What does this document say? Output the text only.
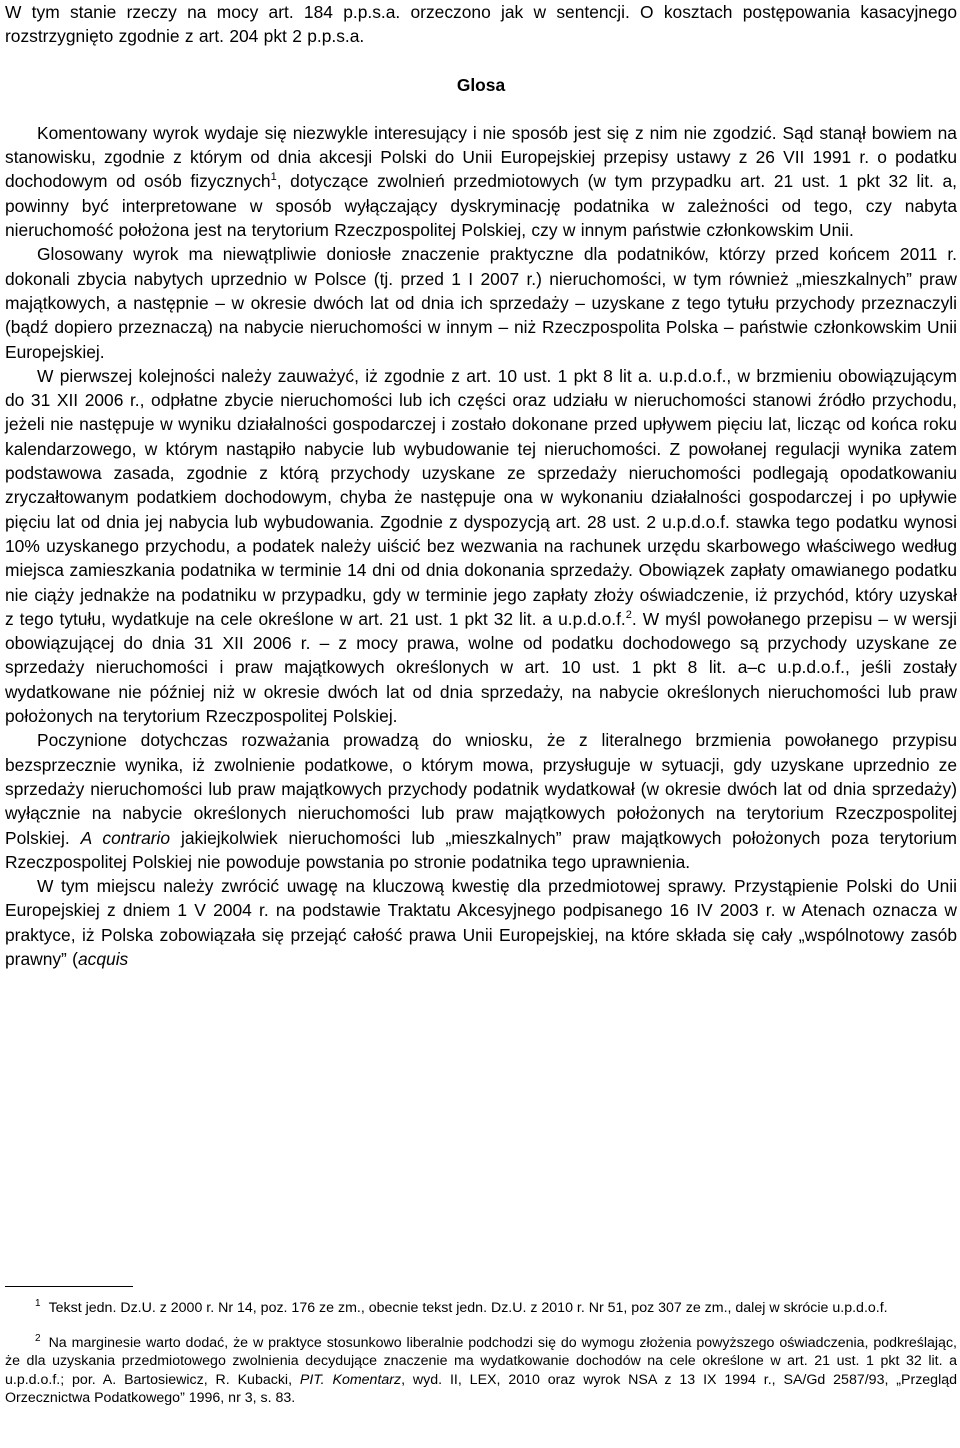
W tym stanie rzeczy na mocy art. 184 p.p.s.a. orzeczono jak w sentencji. O kosztach postępowania kasacyjnego rozstrzygnięto zgodnie z art. 204 pkt 2 p.p.s.a.

Glosa

Komentowany wyrok wydaje się niezwykle interesujący i nie sposób jest się z nim nie zgodzić. Sąd stanął bowiem na stanowisku, zgodnie z którym od dnia akcesji Polski do Unii Europejskiej przepisy ustawy z 26 VII 1991 r. o podatku dochodowym od osób fizycznych$^1$, dotyczące zwolnień przedmiotowych (w tym przypadku art. 21 ust. 1 pkt 32 lit. a, powinny być interpretowane w sposób wyłączający dyskryminację podatnika w zależności od tego, czy nabyta nieruchomość położona jest na terytorium Rzeczpospolitej Polskiej, czy w innym państwie członkowskim Unii.

Glosowany wyrok ma niewątpliwie doniosłe znaczenie praktyczne dla podatników, którzy przed końcem 2011 r. dokonali zbycia nabytych uprzednio w Polsce (tj. przed 1 I 2007 r.) nieruchomości, w tym również „mieszkalnych” praw majątkowych, a następnie – w okresie dwóch lat od dnia ich sprzedaży – uzyskane z tego tytułu przychody przeznaczyli (bądź dopiero przeznaczą) na nabycie nieruchomości w innym – niż Rzeczpospolita Polska – państwie członkowskim Unii Europejskiej.

W pierwszej kolejności należy zauważyć, iż zgodnie z art. 10 ust. 1 pkt 8 lit a. u.p.d.o.f., w brzmieniu obowiązującym do 31 XII 2006 r., odpłatne zbycie nieruchomości lub ich części oraz udziału w nieruchomości stanowi źródło przychodu, jeżeli nie następuje w wyniku działalności gospodarczej i zostało dokonane przed upływem pięciu lat, licząc od końca roku kalendarzowego, w którym nastąpiło nabycie lub wybudowanie tej nieruchomości. Z powołanej regulacji wynika zatem podstawowa zasada, zgodnie z którą przychody uzyskane ze sprzedaży nieruchomości podlegają opodatkowaniu zryczałtowanym podatkiem dochodowym, chyba że następuje ona w wykonaniu działalności gospodarczej i po upływie pięciu lat od dnia jej nabycia lub wybudowania. Zgodnie z dyspozycją art. 28 ust. 2 u.p.d.o.f. stawka tego podatku wynosi 10% uzyskanego przychodu, a podatek należy uiścić bez wezwania na rachunek urzędu skarbowego właściwego według miejsca zamieszkania podatnika w terminie 14 dni od dnia dokonania sprzedaży. Obowiązek zapłaty omawianego podatku nie ciąży jednakże na podatniku w przypadku, gdy w terminie jego zapłaty złoży oświadczenie, iż przychód, który uzyskał z tego tytułu, wydatkuje na cele określone w art. 21 ust. 1 pkt 32 lit. a u.p.d.o.f.$^2$. W myśl powołanego przepisu – w wersji obowiązującej do dnia 31 XII 2006 r. – z mocy prawa, wolne od podatku dochodowego są przychody uzyskane ze sprzedaży nieruchomości i praw majątkowych określonych w art. 10 ust. 1 pkt 8 lit. a–c u.p.d.o.f., jeśli zostały wydatkowane nie później niż w okresie dwóch lat od dnia sprzedaży, na nabycie określonych nieruchomości lub praw położonych na terytorium Rzeczpospolitej Polskiej.

Poczynione dotychczas rozważania prowadzą do wniosku, że z literalnego brzmienia powołanego przypisu bezsprzecznie wynika, iż zwolnienie podatkowe, o którym mowa, przysługuje w sytuacji, gdy uzyskane uprzednio ze sprzedaży nieruchomości lub praw majątkowych przychody podatnik wydatkował (w okresie dwóch lat od dnia sprzedaży) wyłącznie na nabycie określonych nieruchomości lub praw majątkowych położonych na terytorium Rzeczpospolitej Polskiej. A contrario jakiejkolwiek nieruchomości lub „mieszkalnych” praw majątkowych położonych poza terytorium Rzeczpospolitej Polskiej nie powoduje powstania po stronie podatnika tego uprawnienia.

W tym miejscu należy zwrócić uwagę na kluczową kwestię dla przedmiotowej sprawy. Przystąpienie Polski do Unii Europejskiej z dniem 1 V 2004 r. na podstawie Traktatu Akcesyjnego podpisanego 16 IV 2003 r. w Atenach oznacza w praktyce, iż Polska zobowiązała się przejąć całość prawa Unii Europejskiej, na które składa się cały „wspólnotowy zasób prawny” (acquis

$^1$ Tekst jedn. Dz.U. z 2000 r. Nr 14, poz. 176 ze zm., obecnie tekst jedn. Dz.U. z 2010 r. Nr 51, poz 307 ze zm., dalej w skrócie u.p.d.o.f.

$^2$ Na marginesie warto dodać, że w praktyce stosunkowo liberalnie podchodzi się do wymogu złożenia powyższego oświadczenia, podkreślając, że dla uzyskania przedmiotowego zwolnienia decydujące znaczenie ma wydatkowanie dochodów na cele określone w art. 21 ust. 1 pkt 32 lit. a u.p.d.o.f.; por. A. Bartosiewicz, R. Kubacki, PIT. Komentarz, wyd. II, LEX, 2010 oraz wyrok NSA z 13 IX 1994 r., SA/Gd 2587/93, „Przegląd Orzecznictwa Podatkowego” 1996, nr 3, s. 83.
